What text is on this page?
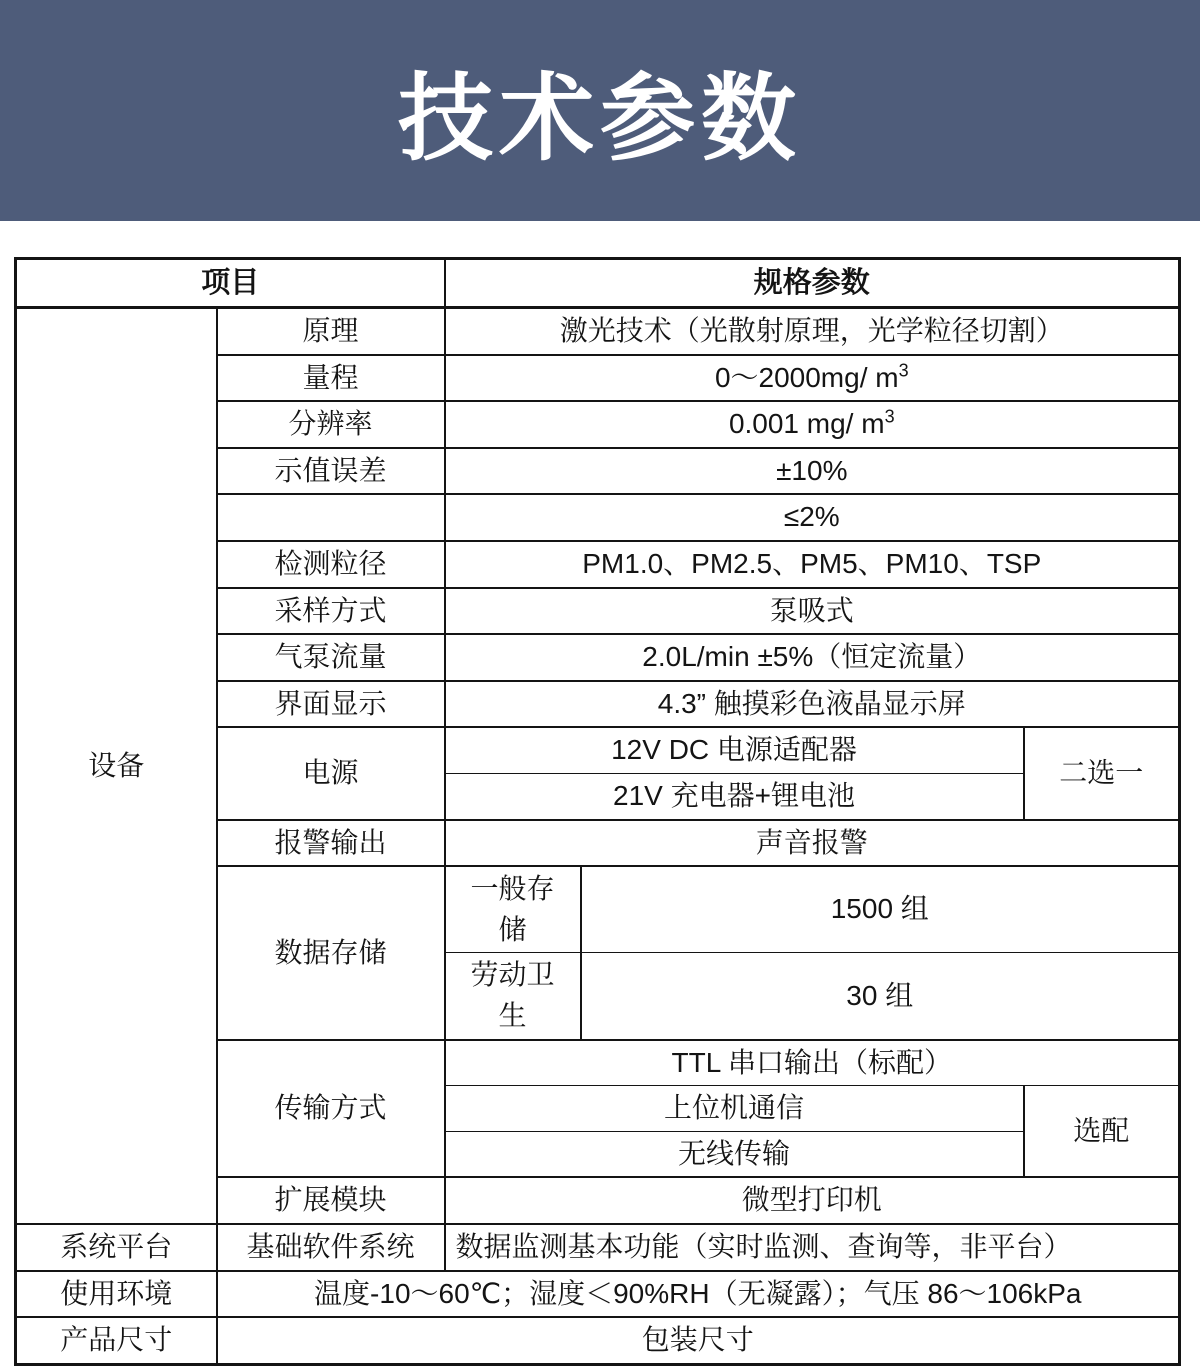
技术参数
项目		规格参数		
设备	原理	激光技术（光散射原理，光学粒径切割）		
	量程	0～2000mg/ $m^3$
	分辨率	0.001 mg/ $m^3$
	示值误差	±10%		
		≤2%		
	检测粒径	PM1.0、PM2.5、PM5、PM10、TSP		
	采样方式	泵吸式		
	气泵流量	2.0L/min ±5%（恒定流量）		
	界面显示	4.3” 触摸彩色液晶显示屏		
	电源	12V DC 电源适配器		二选一
		21V 充电器+锂电池		
	报警输出	声音报警		
	数据存储	一般存储	1500 组	
		劳动卫生	30 组	
	传输方式	TTL 串口输出（标配）		
		上位机通信		选配
		无线传输		
	扩展模块	微型打印机		
系统平台	基础软件系统	数据监测基本功能（实时监测、查询等，非平台）		
使用环境	温度-10～60℃；湿度＜90%RH（无凝露）；气压 86～106kPa			
产品尺寸	包装尺寸			
